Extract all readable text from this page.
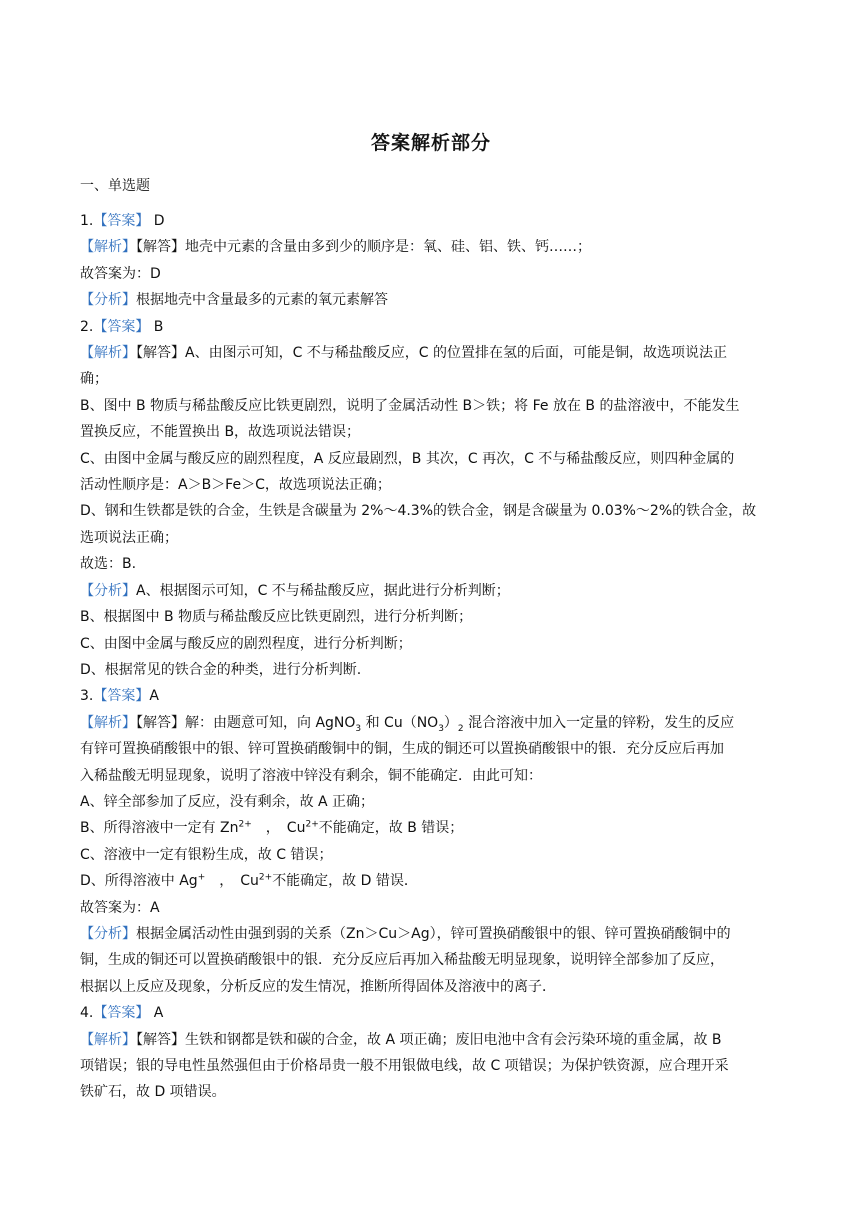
答案解析部分
一、单选题
1.【答案】 D
【解析】【解答】地壳中元素的含量由多到少的顺序是：氧、硅、铝、铁、钙……；
故答案为：D
【分析】根据地壳中含量最多的元素的氧元素解答
2.【答案】 B
【解析】【解答】A、由图示可知，C 不与稀盐酸反应，C 的位置排在氢的后面，可能是铜，故选项说法正
确；
B、图中 B 物质与稀盐酸反应比铁更剧烈，说明了金属活动性 B＞铁；将 Fe 放在 B 的盐溶液中，不能发生
置换反应，不能置换出 B，故选项说法错误；
C、由图中金属与酸反应的剧烈程度，A 反应最剧烈，B 其次，C 再次，C 不与稀盐酸反应，则四种金属的
活动性顺序是：A＞B＞Fe＞C，故选项说法正确；
D、钢和生铁都是铁的合金，生铁是含碳量为 2%～4.3%的铁合金，钢是含碳量为 0.03%～2%的铁合金，故
选项说法正确；
故选：B.
【分析】A、根据图示可知，C 不与稀盐酸反应，据此进行分析判断；
B、根据图中 B 物质与稀盐酸反应比铁更剧烈，进行分析判断；
C、由图中金属与酸反应的剧烈程度，进行分析判断；
D、根据常见的铁合金的种类，进行分析判断.
3.【答案】A
【解析】【解答】解：由题意可知，向 AgNO$_3$ 和 $Cu(NO_3)_2$ 混合溶液中加入一定量的锌粉，发生的反应
有锌可置换硝酸银中的银、锌可置换硝酸铜中的铜，生成的铜还可以置换硝酸银中的银．充分反应后再加
入稀盐酸无明显现象，说明了溶液中锌没有剩余，铜不能确定．由此可知：
A、锌全部参加了反应，没有剩余，故 A 正确；
B、所得溶液中一定有 $Zn^{2+}$　，　$Cu^{2+}$不能确定，故 B 错误；
C、溶液中一定有银粉生成，故 C 错误；
D、所得溶液中 Ag+　，　$Cu^{2+}$不能确定，故 D 错误．
故答案为：A
【分析】根据金属活动性由强到弱的关系（Zn＞Cu＞Ag），锌可置换硝酸银中的银、锌可置换硝酸铜中的
铜，生成的铜还可以置换硝酸银中的银．充分反应后再加入稀盐酸无明显现象，说明锌全部参加了反应，
根据以上反应及现象，分析反应的发生情况，推断所得固体及溶液中的离子．
4.【答案】 A
【解析】【解答】生铁和钢都是铁和碳的合金，故 A 项正确；废旧电池中含有会污染环境的重金属，故 B
项错误；银的导电性虽然强但由于价格昂贵一般不用银做电线，故 C 项错误；为保护铁资源，应合理开采
铁矿石，故 D 项错误。
